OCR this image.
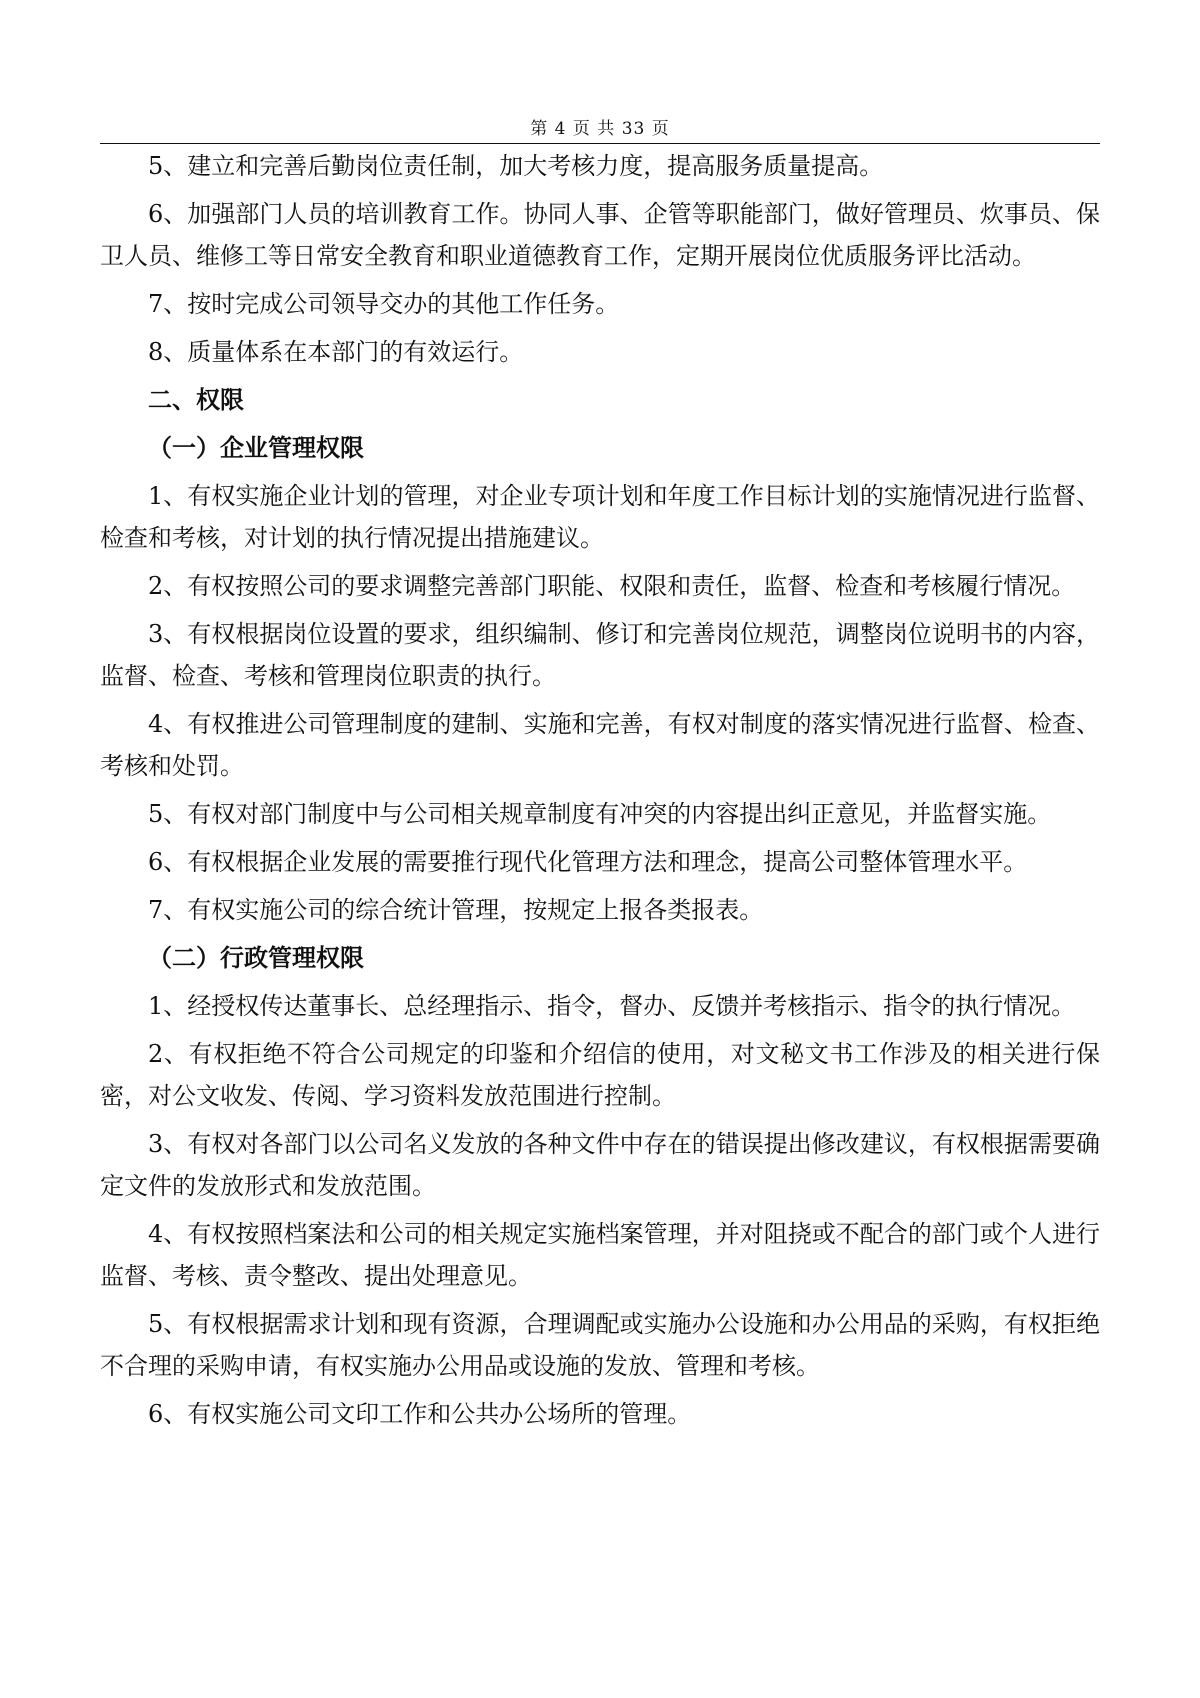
第 4 页 共 33 页

5、建立和完善后勤岗位责任制，加大考核力度，提高服务质量提高。

6、加强部门人员的培训教育工作。协同人事、企管等职能部门，做好管理员、炊事员、保卫人员、维修工等日常安全教育和职业道德教育工作，定期开展岗位优质服务评比活动。

7、按时完成公司领导交办的其他工作任务。

8、质量体系在本部门的有效运行。

二、权限

（一）企业管理权限

1、有权实施企业计划的管理，对企业专项计划和年度工作目标计划的实施情况进行监督、检查和考核，对计划的执行情况提出措施建议。

2、有权按照公司的要求调整完善部门职能、权限和责任，监督、检查和考核履行情况。

3、有权根据岗位设置的要求，组织编制、修订和完善岗位规范，调整岗位说明书的内容，监督、检查、考核和管理岗位职责的执行。

4、有权推进公司管理制度的建制、实施和完善，有权对制度的落实情况进行监督、检查、考核和处罚。

5、有权对部门制度中与公司相关规章制度有冲突的内容提出纠正意见，并监督实施。

6、有权根据企业发展的需要推行现代化管理方法和理念，提高公司整体管理水平。

7、有权实施公司的综合统计管理，按规定上报各类报表。

（二）行政管理权限

1、经授权传达董事长、总经理指示、指令，督办、反馈并考核指示、指令的执行情况。

2、有权拒绝不符合公司规定的印鉴和介绍信的使用，对文秘文书工作涉及的相关进行保密，对公文收发、传阅、学习资料发放范围进行控制。

3、有权对各部门以公司名义发放的各种文件中存在的错误提出修改建议，有权根据需要确定文件的发放形式和发放范围。

4、有权按照档案法和公司的相关规定实施档案管理，并对阻挠或不配合的部门或个人进行监督、考核、责令整改、提出处理意见。

5、有权根据需求计划和现有资源，合理调配或实施办公设施和办公用品的采购，有权拒绝不合理的采购申请，有权实施办公用品或设施的发放、管理和考核。

6、有权实施公司文印工作和公共办公场所的管理。
